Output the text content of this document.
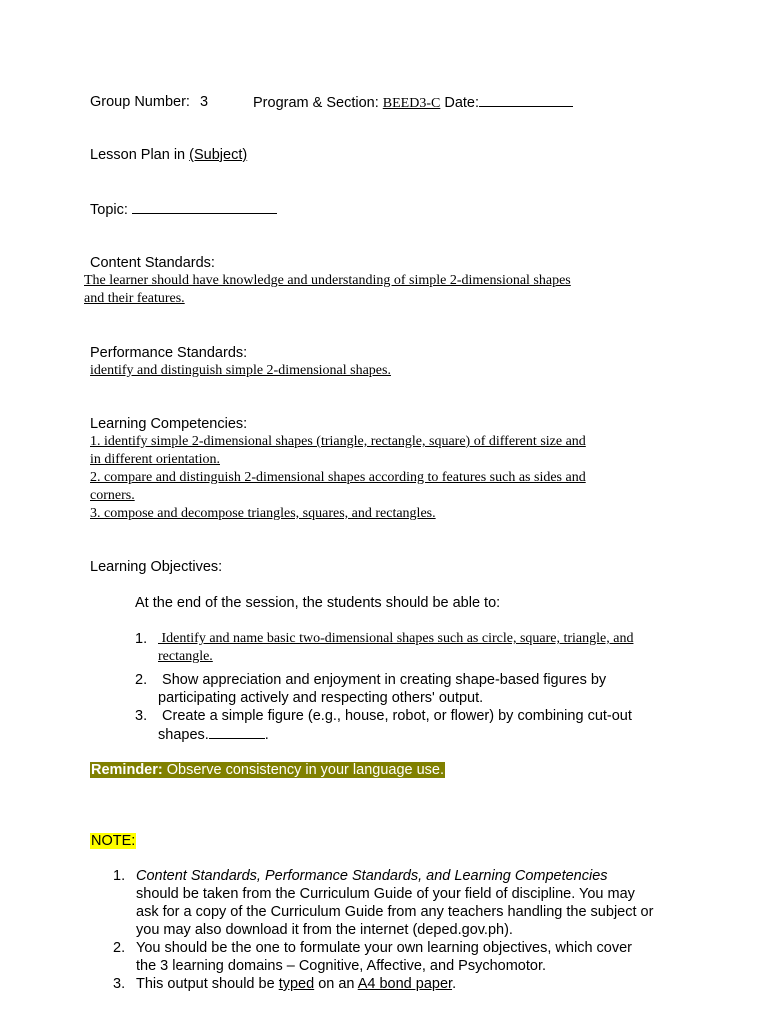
Group Number: 3	Program & Section: BEED3-C Date:
Lesson Plan in (Subject)
Topic:
Content Standards:
The learner should have knowledge and understanding of simple 2-dimensional shapes
and their features.
Performance Standards:
identify and distinguish simple 2-dimensional shapes.
Learning Competencies:
1. identify simple 2-dimensional shapes (triangle, rectangle, square) of different size and
in different orientation.
2. compare and distinguish 2-dimensional shapes according to features such as sides and
corners.
3. compose and decompose triangles, squares, and rectangles.
Learning Objectives:
At the end of the session, the students should be able to:
1. Identify and name basic two-dimensional shapes such as circle, square, triangle, and
rectangle.
2. Show appreciation and enjoyment in creating shape-based figures by
participating actively and respecting others' output.
3. Create a simple figure (e.g., house, robot, or flower) by combining cut-out
shapes.	.
Reminder: Observe consistency in your language use.
NOTE:
1. Content Standards, Performance Standards, and Learning Competencies
should be taken from the Curriculum Guide of your field of discipline. You may
ask for a copy of the Curriculum Guide from any teachers handling the subject or
you may also download it from the internet (deped.gov.ph).
2. You should be the one to formulate your own learning objectives, which cover
the 3 learning domains – Cognitive, Affective, and Psychomotor.
3. This output should be typed on an A4 bond paper.
